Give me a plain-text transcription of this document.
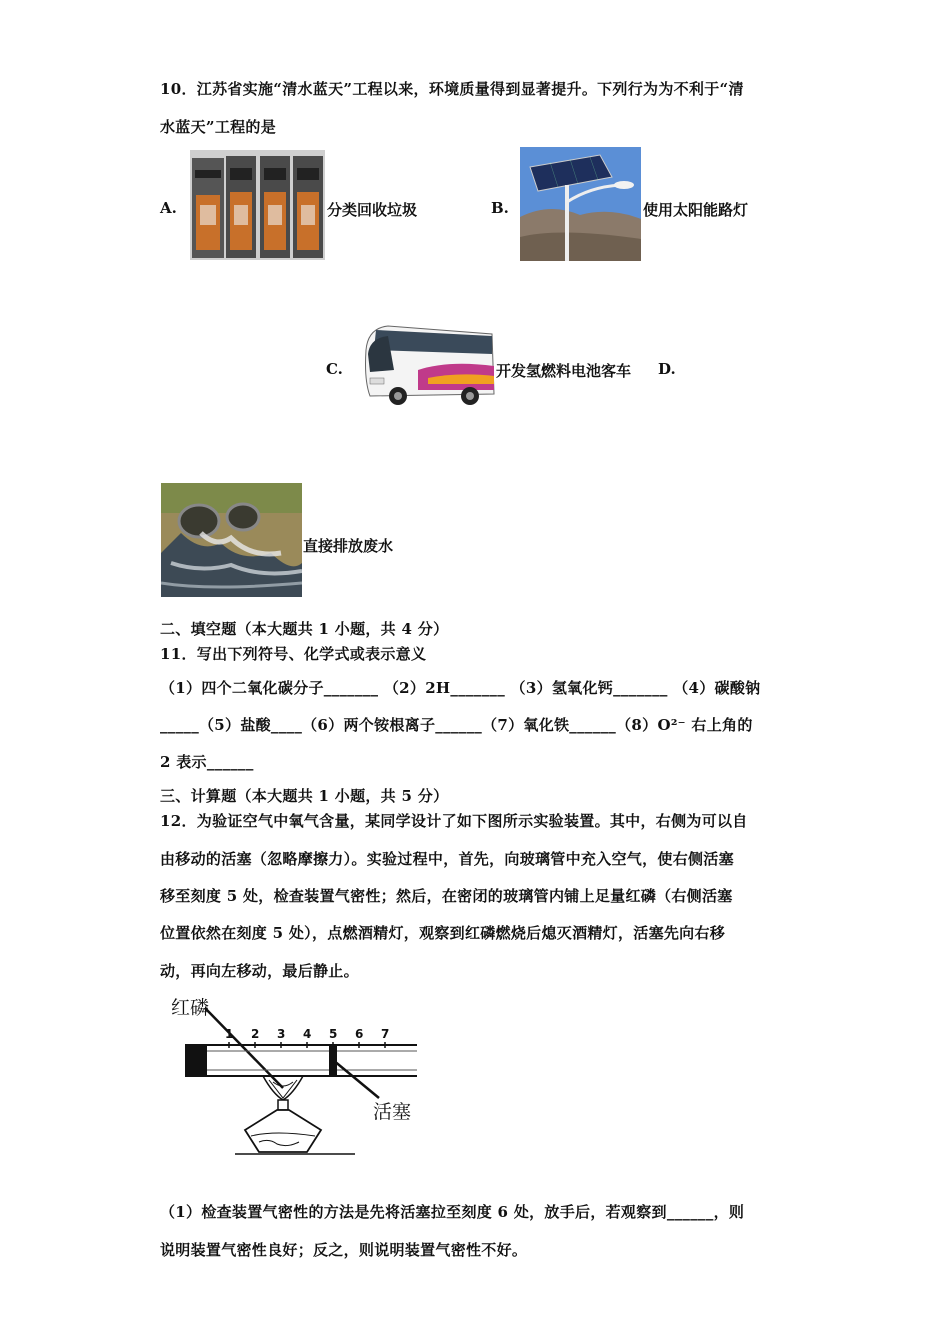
10．江苏省实施“清水蓝天”工程以来，环境质量得到显著提升。下列行为为不利于“清
水蓝天”工程的是
A.	分类回收垃圾	B.	使用太阳能路灯
C.	开发氢燃料电池客车 D.
直接排放废水
二、填空题（本大题共 1 小题，共 4 分）
11．写出下列符号、化学式或表示意义
（1）四个二氧化碳分子_______ （2）2H_______ （3）氢氧化钙_______ （4）碳酸钠
_____（5）盐酸____（6）两个铵根离子______（7）氧化铁______（8）O²⁻ 右上角的
2 表示______
三、计算题（本大题共 1 小题，共 5 分）
12．为验证空气中氧气含量，某同学设计了如下图所示实验装置。其中，右侧为可以自
由移动的活塞（忽略摩擦力）。实验过程中，首先，向玻璃管中充入空气，使右侧活塞
移至刻度 5 处，检查装置气密性；然后，在密闭的玻璃管内铺上足量红磷（右侧活塞
位置依然在刻度 5 处），点燃酒精灯，观察到红磷燃烧后熄灭酒精灯，活塞先向右移
动，再向左移动，最后静止。
红磷
1 2 3 4 5 6 7
活塞
（1）检查装置气密性的方法是先将活塞拉至刻度 6 处，放手后，若观察到______，则
说明装置气密性良好；反之，则说明装置气密性不好。
